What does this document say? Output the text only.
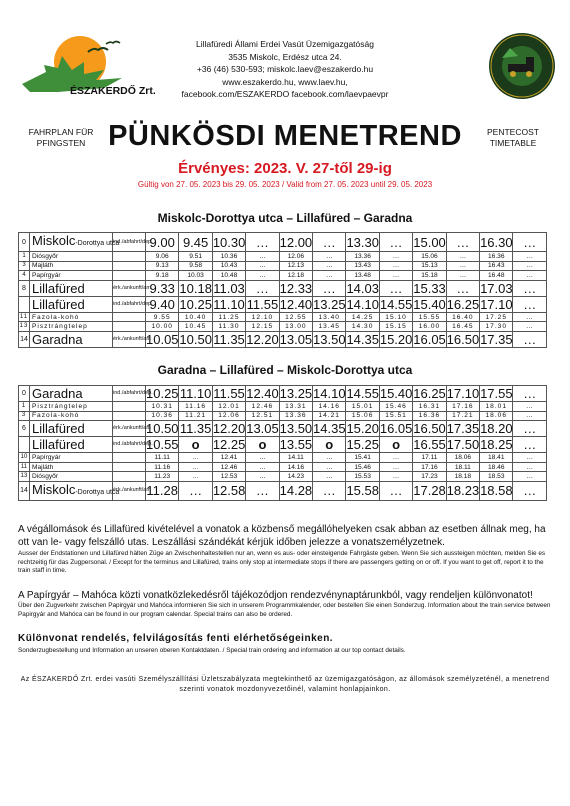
ÉSZAKERDŐ Zrt.
Lillafüredi Állami Erdei Vasút Üzemigazgatóság
3535 Miskolc, Erdész utca 24.
+36 (46) 530-593; miskolc.laev@eszakerdo.hu
www.eszakerdo.hu, www.laev.hu,
facebook.com/ESZAKERDO facebook.com/laevpaevpr
FAHRPLAN FÜR
PFINGSTEN PÜNKÖSDI MENETREND	PENTECOST
TIMETABLE
Érvényes: 2023. V. 27-től 29-ig
Gültig von 27. 05. 2023 bis 29. 05. 2023 / Valid from 27. 05. 2023 until 29. 05. 2023
Miskolc-Dorottya utca – Lillafüred – Garadna
0	Miskolc-Dorottya utca	ind./abfahrt/dep.	9.00	9.45	10.30	…	12.00	…	13.30	…	15.00	…	16.30	…
1	Diósgyőr		9.06	9.51	10.36	…	12.06	…	13.36	…	15.06	…	16.36	…
3	Majláth		9.13	9.58	10.43	…	12.13	…	13.43	…	15.13	…	16.43	…
4	Papírgyár		9.18	10.03	10.48	…	12.18	…	13.48	…	15.18	…	16.48	…
8	Lillafüred	érk./ankunft/arr.	9.33	10.18	11.03	…	12.33	…	14.03	…	15.33	…	17.03	…
	Lillafüred	ind./abfahrt/dep.	9.40	10.25	11.10	11.55	12.40	13.25	14.10	14.55	15.40	16.25	17.10	…
11	Fazola-kohó		9.55	10.40	11.25	12.10	12.55	13.40	14.25	15.10	15.55	16.40	17.25	…
13	Pisztrángtelep		10.00	10.45	11.30	12.15	13.00	13.45	14.30	15.15	16.00	16.45	17.30	…
14	Garadna	érk./ankunft/arr.	10.05	10.50	11.35	12.20	13.05	13.50	14.35	15.20	16.05	16.50	17.35	…
Garadna – Lillafüred – Miskolc-Dorottya utca
0	Garadna	ind./abfahrt/dep.	10.25	11.10	11.55	12.40	13.25	14.10	14.55	15.40	16.25	17.10	17.55	…
1	Pisztrángtelep		10.31	11.16	12.01	12.46	13.31	14.16	15.01	15.46	16.31	17.16	18.01	…
3	Fazola-kohó		10.36	11.21	12.06	12.51	13.36	14.21	15.06	15.51	16.36	17.21	18.06	…
6	Lillafüred	érk./ankunft/arr.	10.50	11.35	12.20	13.05	13.50	14.35	15.20	16.05	16.50	17.35	18.20	…
	Lillafüred	ind./abfahrt/dep.	10.55	o	12.25	o	13.55	o	15.25	o	16.55	17.50	18.25	…
10	Papírgyár		11.11	…	12.41	…	14.11	…	15.41	…	17.11	18.06	18.41	…
11	Majláth		11.16	…	12.46	…	14.16	…	15.46	…	17.16	18.11	18.46	…
13	Diósgyőr		11.23	…	12.53	…	14.23	…	15.53	…	17.23	18.18	18.53	…
14	Miskolc-Dorottya utca	érk./ankunft/arr.	11.28	…	12.58	…	14.28	…	15.58	…	17.28	18.23	18.58	…
A végállomások és Lillafüred kivételével a vonatok a közbenső megállóhelyeken csak abban az esetben állnak meg, ha ott van le- vagy felszálló utas. Leszállási szándékát kérjük időben jelezze a vonatszemélyzetnek.
Ausser der Endstationen und Lillafüred hälten Züge an Zwischenhaltestellen nur an, wenn es aus- oder einsteigende Fahrgäste geben. Wenn Sie sich aussteigen möchten, melden Sie es rechtzeitig für das Zugpersonal. / Except for the terminus and Lillafüred, trains only stop at intermediate stops if there are passengers getting on or off. If you want to get off, report it to the train staff in time.
A Papírgyár – Mahóca közti vonatközlekedésről tájékozódjon rendezvénynaptárunkból, vagy rendeljen különvonatot!
Über den Zugverkehr zwischen Papirgyár und Mahóca informieren Sie sich in unserem Programmkalender, oder bestellen Sie einen Sonderzug. Information about the train service between Papirgyár and Mahóca can be found in our program calendar. Special trains can also be ordered.
Különvonat rendelés, felvilágosítás fenti elérhetőségeinken.
Sonderzugbestellung und Information an unseren oberen Kontaktdaten. / Special train ordering and information at our top contact details.
Az ÉSZAKERDŐ Zrt. erdei vasúti Személyszállítási Üzletszabályzata megtekinthető az üzemigazgatóságon, az állomások személyzeténél, a menetrend szerinti vonatok mozdonyvezetőinél, valamint honlapjainkon.
